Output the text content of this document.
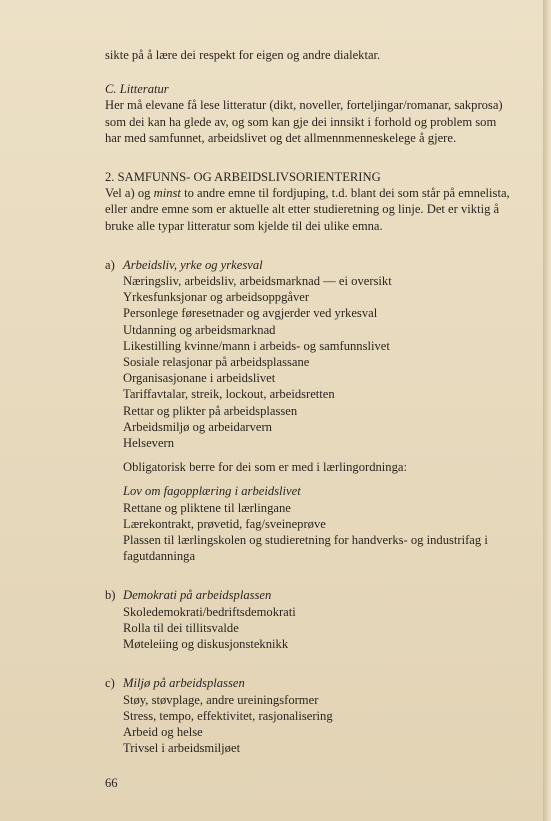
sikte på å lære dei respekt for eigen og andre dialektar.

C. Litteratur

Her må elevane få lese litteratur (dikt, noveller, forteljingar/romanar, sakprosa) som dei kan ha glede av, og som kan gje dei innsikt i forhold og problem som har med samfunnet, arbeidslivet og det allmennmenneskelege å gjere.

2. SAMFUNNS- OG ARBEIDSLIVSORIENTERING

Vel a) og minst to andre emne til fordjuping, t.d. blant dei som står på emnelista, eller andre emne som er aktuelle alt etter studieretning og linje. Det er viktig å bruke alle typar litteratur som kjelde til dei ulike emna.

a) Arbeidsliv, yrke og yrkesval

Næringsliv, arbeidsliv, arbeidsmarknad — ei oversikt

Yrkesfunksjonar og arbeidsoppgåver

Personlege føresetnader og avgjerder ved yrkesval

Utdanning og arbeidsmarknad

Likestilling kvinne/mann i arbeids- og samfunnslivet

Sosiale relasjonar på arbeidsplassane

Organisasjonane i arbeidslivet

Tariffavtalar, streik, lockout, arbeidsretten

Rettar og plikter på arbeidsplassen

Arbeidsmiljø og arbeidarvern

Helsevern

Obligatorisk berre for dei som er med i lærlingordninga:

Lov om fagopplæring i arbeidslivet

Rettane og pliktene til lærlingane

Lærekontrakt, prøvetid, fag/sveineprøve

Plassen til lærlingskolen og studieretning for handverks- og industrifag i fagutdanninga

b) Demokrati på arbeidsplassen

Skoledemokrati/bedriftsdemokrati

Rolla til dei tillitsvalde

Møteleiing og diskusjonsteknikk

c) Miljø på arbeidsplassen

Støy, støvplage, andre ureiningsformer

Stress, tempo, effektivitet, rasjonalisering

Arbeid og helse

Trivsel i arbeidsmiljøet

66
